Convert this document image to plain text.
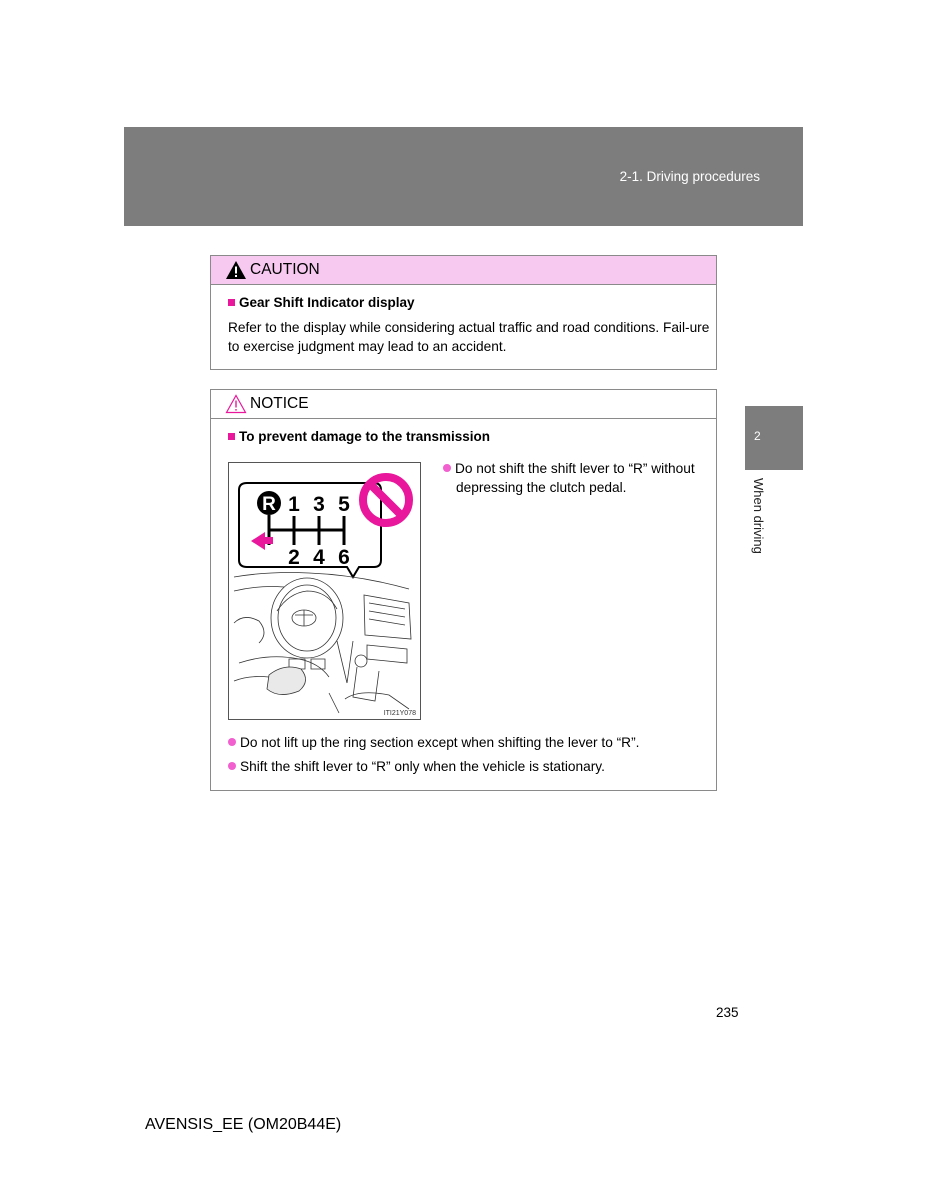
2-1. Driving procedures
2
When driving
CAUTION
Gear Shift Indicator display
Refer to the display while considering actual traffic and road conditions. Fail-ure to exercise judgment may lead to an accident.
NOTICE
To prevent damage to the transmission
R 1 3 5
2 4 6
ITI21Y078
Do not shift the shift lever to “R” without depressing the clutch pedal.
Do not lift up the ring section except when shifting the lever to “R”.
Shift the shift lever to “R” only when the vehicle is stationary.
235
AVENSIS_EE (OM20B44E)
